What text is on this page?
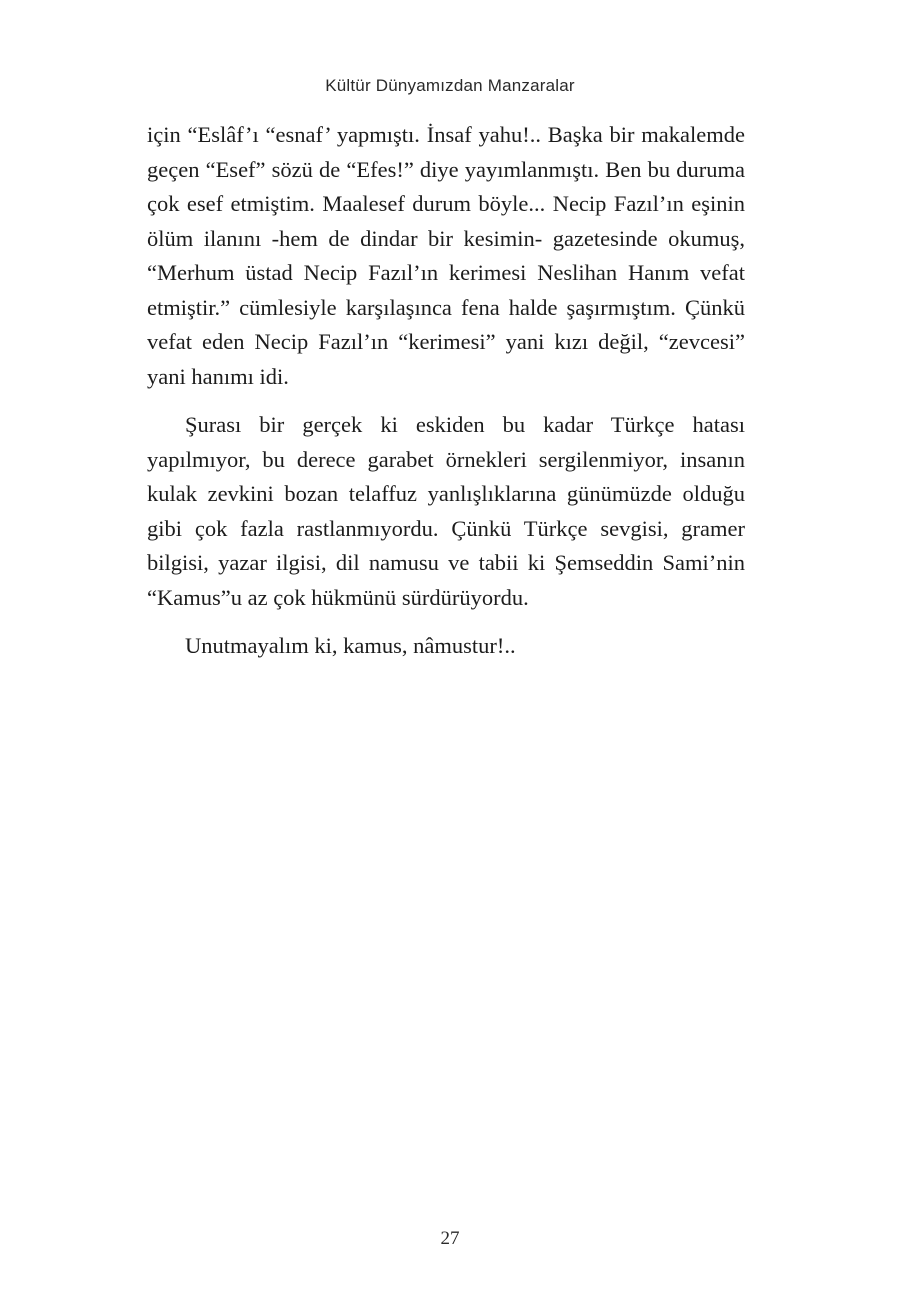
Kültür Dünyamızdan Manzaralar

için “Eslâf’ı “esnaf’ yapmıştı. İnsaf yahu!.. Başka bir makalemde geçen “Esef” sözü de “Efes!” diye yayımlanmıştı. Ben bu duruma çok esef etmiştim. Maalesef durum böyle... Necip Fazıl’ın eşinin ölüm ilanını -hem de dindar bir kesimin- gazetesinde okumuş, “Merhum üstad Necip Fazıl’ın kerimesi Neslihan Hanım vefat etmiştir.” cümlesiyle karşılaşınca fena halde şaşırmıştım. Çünkü vefat eden Necip Fazıl’ın “kerimesi” yani kızı değil, “zevcesi” yani hanımı idi.

Şurası bir gerçek ki eskiden bu kadar Türkçe hatası yapılmıyor, bu derece garabet örnekleri sergilenmiyor, insanın kulak zevkini bozan telaffuz yanlışlıklarına günümüzde olduğu gibi çok fazla rastlanmıyordu. Çünkü Türkçe sevgisi, gramer bilgisi, yazar ilgisi, dil namusu ve tabii ki Şemseddin Sami’nin “Kamus”u az çok hükmünü sürdürüyordu.

Unutmayalım ki, kamus, nâmustur!..

27
